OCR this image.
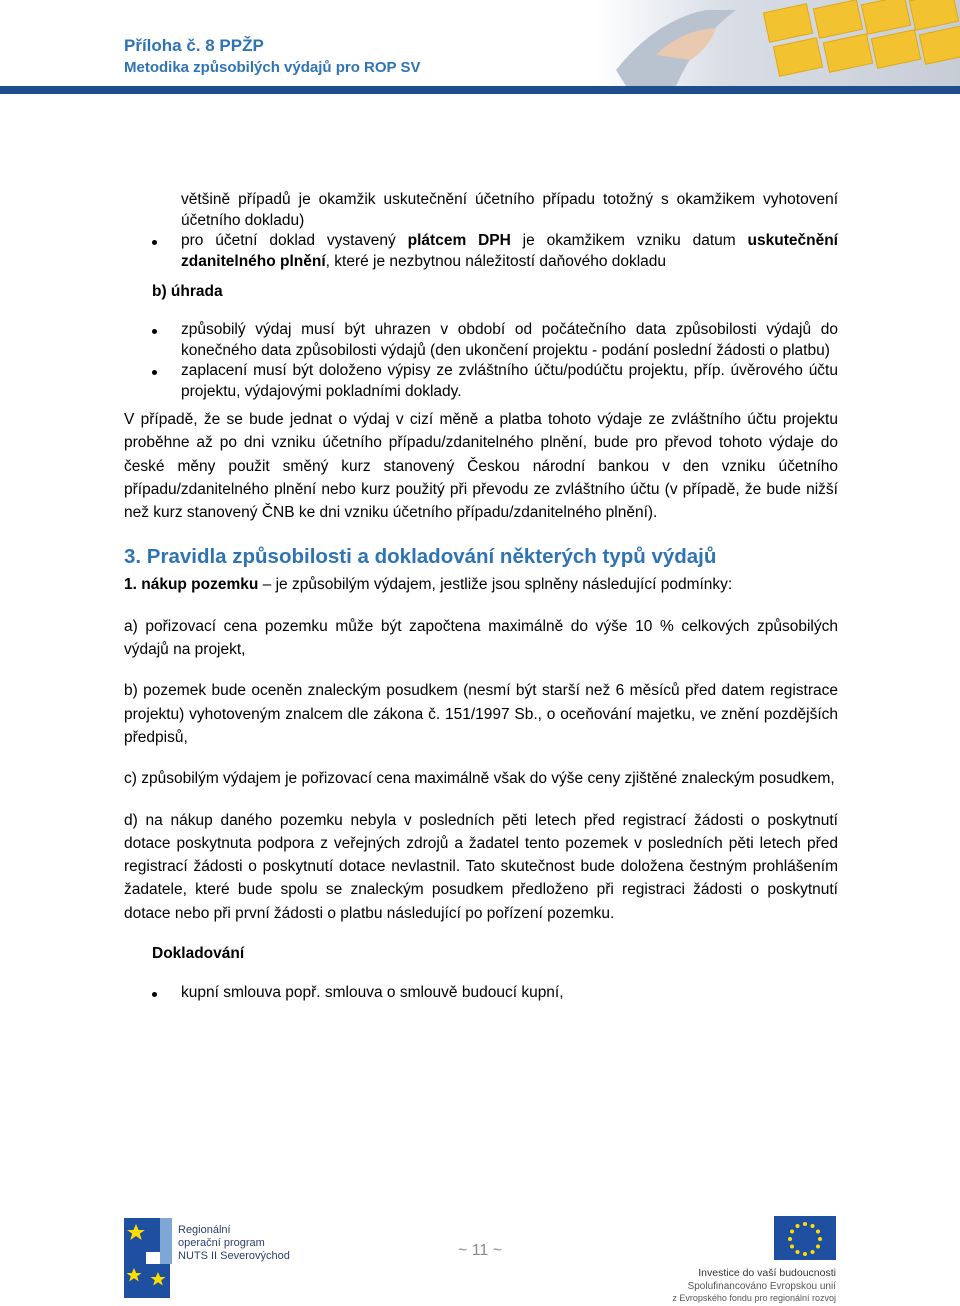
Příloha č. 8 PPŽP
Metodika způsobilých výdajů pro ROP SV

většině případů je okamžik uskutečnění účetního případu totožný s okamžikem vyhotovení účetního dokladu)

pro účetní doklad vystavený plátcem DPH je okamžikem vzniku datum uskutečnění zdanitelného plnění, které je nezbytnou náležitostí daňového dokladu
b) úhrada
způsobilý výdaj musí být uhrazen v období od počátečního data způsobilosti výdajů do konečného data způsobilosti výdajů (den ukončení projektu - podání poslední žádosti o platbu)
zaplacení musí být doloženo výpisy ze zvláštního účtu/podúčtu projektu, příp. úvěrového účtu projektu, výdajovými pokladními doklady.

V případě, že se bude jednat o výdaj v cizí měně a platba tohoto výdaje ze zvláštního účtu projektu proběhne až po dni vzniku účetního případu/zdanitelného plnění, bude pro převod tohoto výdaje do české měny použit směný kurz stanovený Českou národní bankou v den vzniku účetního případu/zdanitelného plnění nebo kurz použitý při převodu ze zvláštního účtu (v případě, že bude nižší než kurz stanovený ČNB ke dni vzniku účetního případu/zdanitelného plnění).

3. Pravidla způsobilosti a dokladování některých typů výdajů

1. nákup pozemku – je způsobilým výdajem, jestliže jsou splněny následující podmínky:

a) pořizovací cena pozemku může být započtena maximálně do výše 10 % celkových způsobilých výdajů na projekt,

b) pozemek bude oceněn znaleckým posudkem (nesmí být starší než 6 měsíců před datem registrace projektu) vyhotoveným znalcem dle zákona č. 151/1997 Sb., o oceňování majetku, ve znění pozdějších předpisů,

c) způsobilým výdajem je pořizovací cena maximálně však do výše ceny zjištěné znaleckým posudkem,

d) na nákup daného pozemku nebyla v posledních pěti letech před registrací žádosti o poskytnutí dotace poskytnuta podpora z veřejných zdrojů a žadatel tento pozemek v posledních pěti letech před registrací žádosti o poskytnutí dotace nevlastnil. Tato skutečnost bude doložena čestným prohlášením žadatele, které bude spolu se znaleckým posudkem předloženo při registraci žádosti o poskytnutí dotace nebo při první žádosti o platbu následující po pořízení pozemku.

Dokladování
kupní smlouva popř. smlouva o smlouvě budoucí kupní,
Regionální
operační program
NUTS II Severovýchod
Investice do vaší budoucnosti
Spolufinancováno Evropskou unií
z Evropského fondu pro regionální rozvoj
~ 11 ~
